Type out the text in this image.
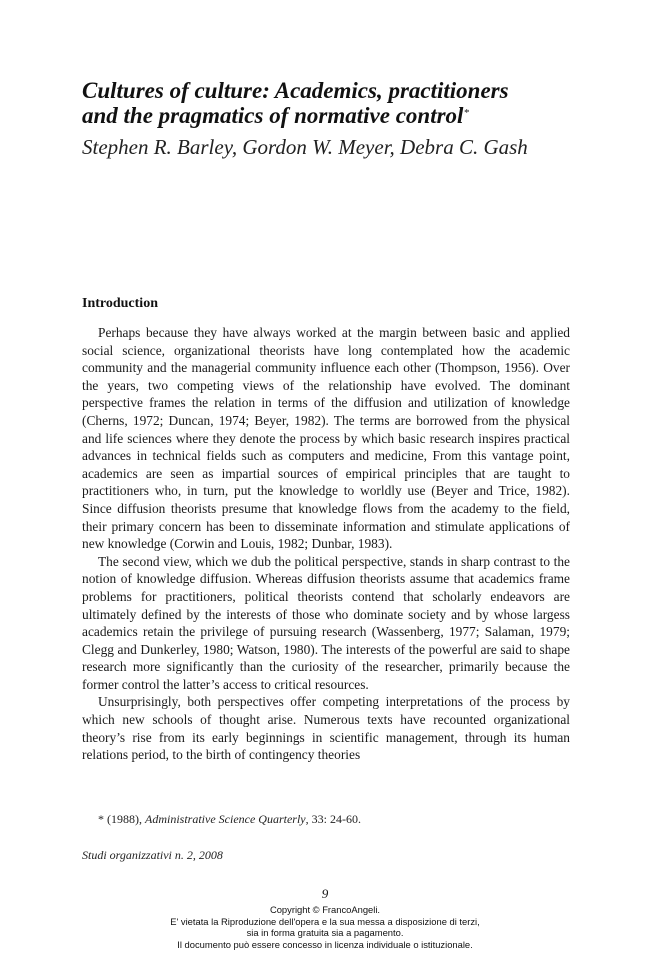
Cultures of culture: Academics, practitioners
and the pragmatics of normative control*

Stephen R. Barley, Gordon W. Meyer, Debra C. Gash

Introduction

Perhaps because they have always worked at the margin between basic and applied social science, organizational theorists have long contemplated how the academic community and the managerial community influence each other (Thompson, 1956). Over the years, two competing views of the relationship have evolved. The dominant perspective frames the relation in terms of the diffusion and utilization of knowledge (Cherns, 1972; Duncan, 1974; Beyer, 1982). The terms are borrowed from the physical and life sciences where they denote the process by which basic research inspires practical advances in technical fields such as computers and medicine, From this vantage point, academics are seen as impartial sources of empirical principles that are taught to practitioners who, in turn, put the knowledge to worldly use (Beyer and Trice, 1982). Since diffusion theorists presume that knowledge flows from the academy to the field, their primary concern has been to disseminate information and stimulate applications of new knowledge (Corwin and Louis, 1982; Dunbar, 1983).

The second view, which we dub the political perspective, stands in sharp contrast to the notion of knowledge diffusion. Whereas diffusion theorists assume that academics frame problems for practitioners, political theorists contend that scholarly endeavors are ultimately defined by the interests of those who dominate society and by whose largess academics retain the privilege of pursuing research (Wassenberg, 1977; Salaman, 1979; Clegg and Dunkerley, 1980; Watson, 1980). The interests of the powerful are said to shape research more significantly than the curiosity of the researcher, primarily because the former control the latter’s access to critical resources.

Unsurprisingly, both perspectives offer competing interpretations of the process by which new schools of thought arise. Numerous texts have recounted organizational theory’s rise from its early beginnings in scientific management, through its human relations period, to the birth of contingency theories

* (1988), Administrative Science Quarterly, 33: 24-60.
Studi organizzativi n. 2, 2008
9
Copyright © FrancoAngeli.
E' vietata la Riproduzione dell'opera e la sua messa a disposizione di terzi,
sia in forma gratuita sia a pagamento.
Il documento può essere concesso in licenza individuale o istituzionale.
